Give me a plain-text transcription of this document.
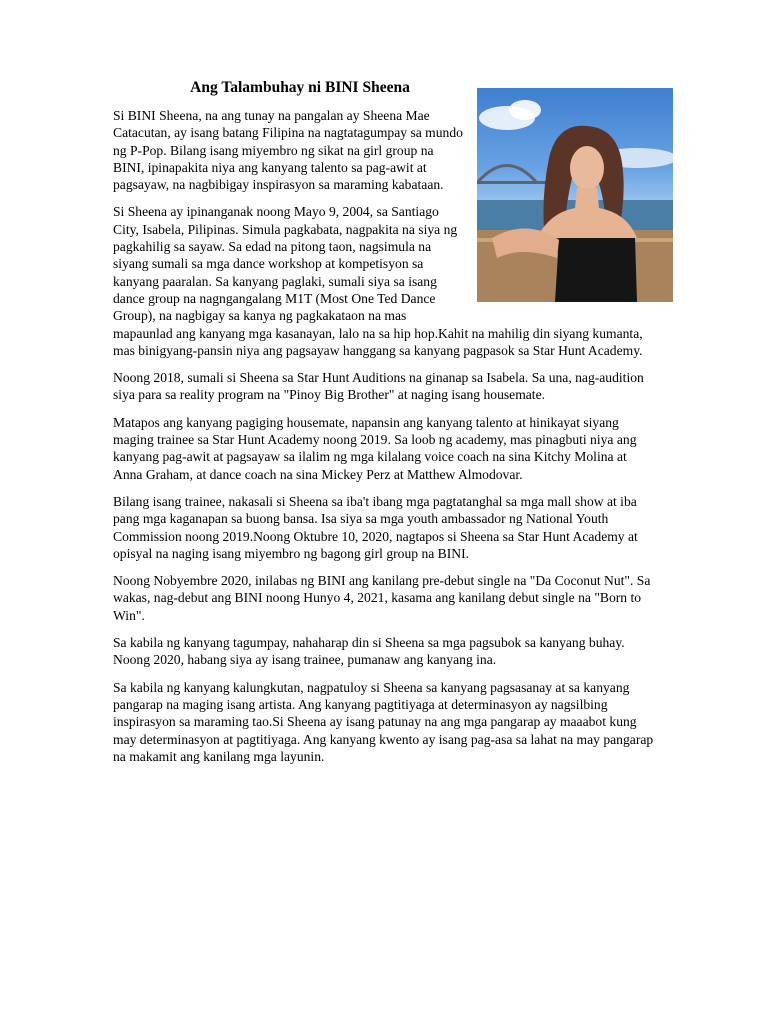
Ang Talambuhay ni BINI Sheena

Si BINI Sheena, na ang tunay na pangalan ay Sheena Mae Catacutan, ay isang batang Filipina na nagtatagumpay sa mundo ng P-Pop. Bilang isang miyembro ng sikat na girl group na BINI, ipinapakita niya ang kanyang talento sa pag-awit at pagsayaw, na nagbibigay inspirasyon sa maraming kabataan.

Si Sheena ay ipinanganak noong Mayo 9, 2004, sa Santiago City, Isabela, Pilipinas. Simula pagkabata, nagpakita na siya ng pagkahilig sa sayaw. Sa edad na pitong taon, nagsimula na siyang sumali sa mga dance workshop at kompetisyon sa kanyang paaralan. Sa kanyang paglaki, sumali siya sa isang dance group na nagngangalang M1T (Most One Ted Dance Group), na nagbigay sa kanya ng pagkakataon na mas mapaunlad ang kanyang mga kasanayan, lalo na sa hip hop.Kahit na mahilig din siyang kumanta, mas binigyang-pansin niya ang pagsayaw hanggang sa kanyang pagpasok sa Star Hunt Academy.

Noong 2018, sumali si Sheena sa Star Hunt Auditions na ginanap sa Isabela. Sa una, nag-audition siya para sa reality program na "Pinoy Big Brother" at naging isang housemate.

Matapos ang kanyang pagiging housemate, napansin ang kanyang talento at hinikayat siyang maging trainee sa Star Hunt Academy noong 2019. Sa loob ng academy, mas pinagbuti niya ang kanyang pag-awit at pagsayaw sa ilalim ng mga kilalang voice coach na sina Kitchy Molina at Anna Graham, at dance coach na sina Mickey Perz at Matthew Almodovar.

Bilang isang trainee, nakasali si Sheena sa iba't ibang mga pagtatanghal sa mga mall show at iba pang mga kaganapan sa buong bansa. Isa siya sa mga youth ambassador ng National Youth Commission noong 2019.Noong Oktubre 10, 2020, nagtapos si Sheena sa Star Hunt Academy at opisyal na naging isang miyembro ng bagong girl group na BINI.

Noong Nobyembre 2020, inilabas ng BINI ang kanilang pre-debut single na "Da Coconut Nut". Sa wakas, nag-debut ang BINI noong Hunyo 4, 2021, kasama ang kanilang debut single na "Born to Win".

Sa kabila ng kanyang tagumpay, nahaharap din si Sheena sa mga pagsubok sa kanyang buhay. Noong 2020, habang siya ay isang trainee, pumanaw ang kanyang ina.

Sa kabila ng kanyang kalungkutan, nagpatuloy si Sheena sa kanyang pagsasanay at sa kanyang pangarap na maging isang artista. Ang kanyang pagtitiyaga at determinasyon ay nagsilbing inspirasyon sa maraming tao.Si Sheena ay isang patunay na ang mga pangarap ay maaabot kung may determinasyon at pagtitiyaga. Ang kanyang kwento ay isang pag-asa sa lahat na may pangarap na makamit ang kanilang mga layunin.
